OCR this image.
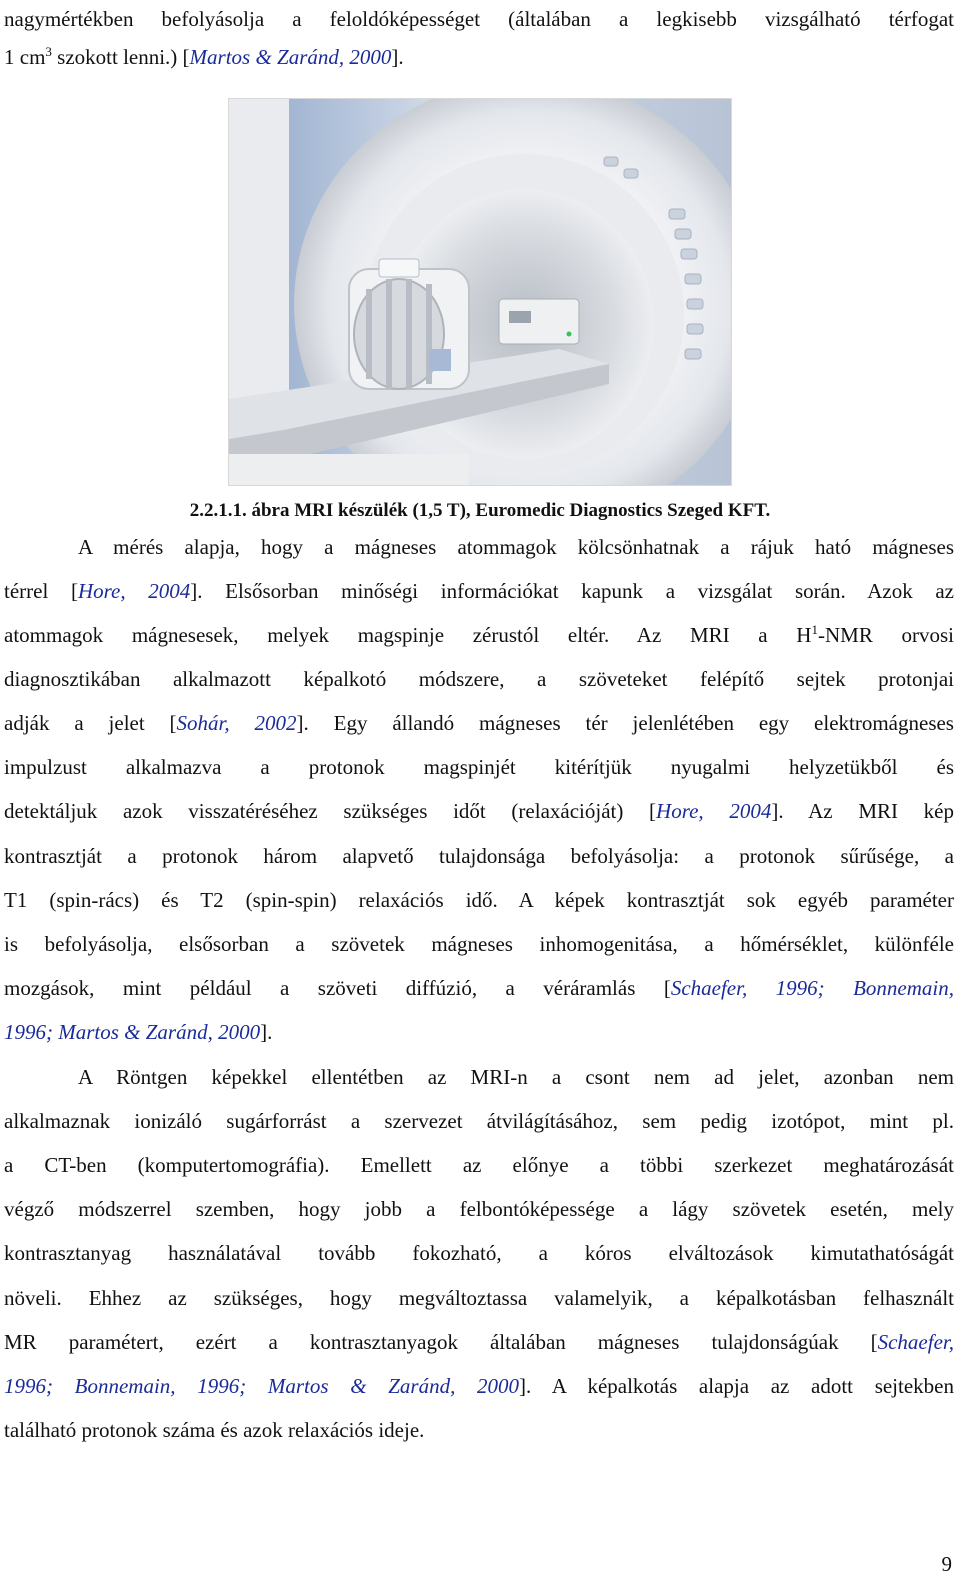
nagymértékben befolyásolja a feloldóképességet (általában a legkisebb vizsgálható térfogat
1 $cm^3$ szokott lenni.) [Martos & Zaránd, 2000].
2.2.1.1. ábra MRI készülék (1,5 T), Euromedic Diagnostics Szeged KFT.
A mérés alapja, hogy a mágneses atommagok kölcsönhatnak a rájuk ható mágneses
térrel [Hore, 2004]. Elsősorban minőségi információkat kapunk a vizsgálat során. Azok az
atommagok mágnesesek, melyek magspinje zérustól eltér. Az MRI a $H^1$-NMR orvosi
diagnosztikában alkalmazott képalkotó módszere, a szöveteket felépítő sejtek protonjai
adják a jelet [Sohár, 2002]. Egy állandó mágneses tér jelenlétében egy elektromágneses
impulzust alkalmazva a protonok magspinjét kitérítjük nyugalmi helyzetükből és
detektáljuk azok visszatéréséhez szükséges időt (relaxációját) [Hore, 2004]. Az MRI kép
kontrasztját a protonok három alapvető tulajdonsága befolyásolja: a protonok sűrűsége, a
T1 (spin-rács) és T2 (spin-spin) relaxációs idő. A képek kontrasztját sok egyéb paraméter
is befolyásolja, elsősorban a szövetek mágneses inhomogenitása, a hőmérséklet, különféle
mozgások, mint például a szöveti diffúzió, a véráramlás [Schaefer, 1996; Bonnemain,
1996; Martos & Zaránd, 2000].
A Röntgen képekkel ellentétben az MRI-n a csont nem ad jelet, azonban nem
alkalmaznak ionizáló sugárforrást a szervezet átvilágításához, sem pedig izotópot, mint pl.
a CT-ben (komputertomográfia). Emellett az előnye a többi szerkezet meghatározását
végző módszerrel szemben, hogy jobb a felbontóképessége a lágy szövetek esetén, mely
kontrasztanyag használatával tovább fokozható, a kóros elváltozások kimutathatóságát
növeli. Ehhez az szükséges, hogy megváltoztassa valamelyik, a képalkotásban felhasznált
MR paramétert, ezért a kontrasztanyagok általában mágneses tulajdonságúak [Schaefer,
1996; Bonnemain, 1996; Martos & Zaránd, 2000]. A képalkotás alapja az adott sejtekben
található protonok száma és azok relaxációs ideje.
9
